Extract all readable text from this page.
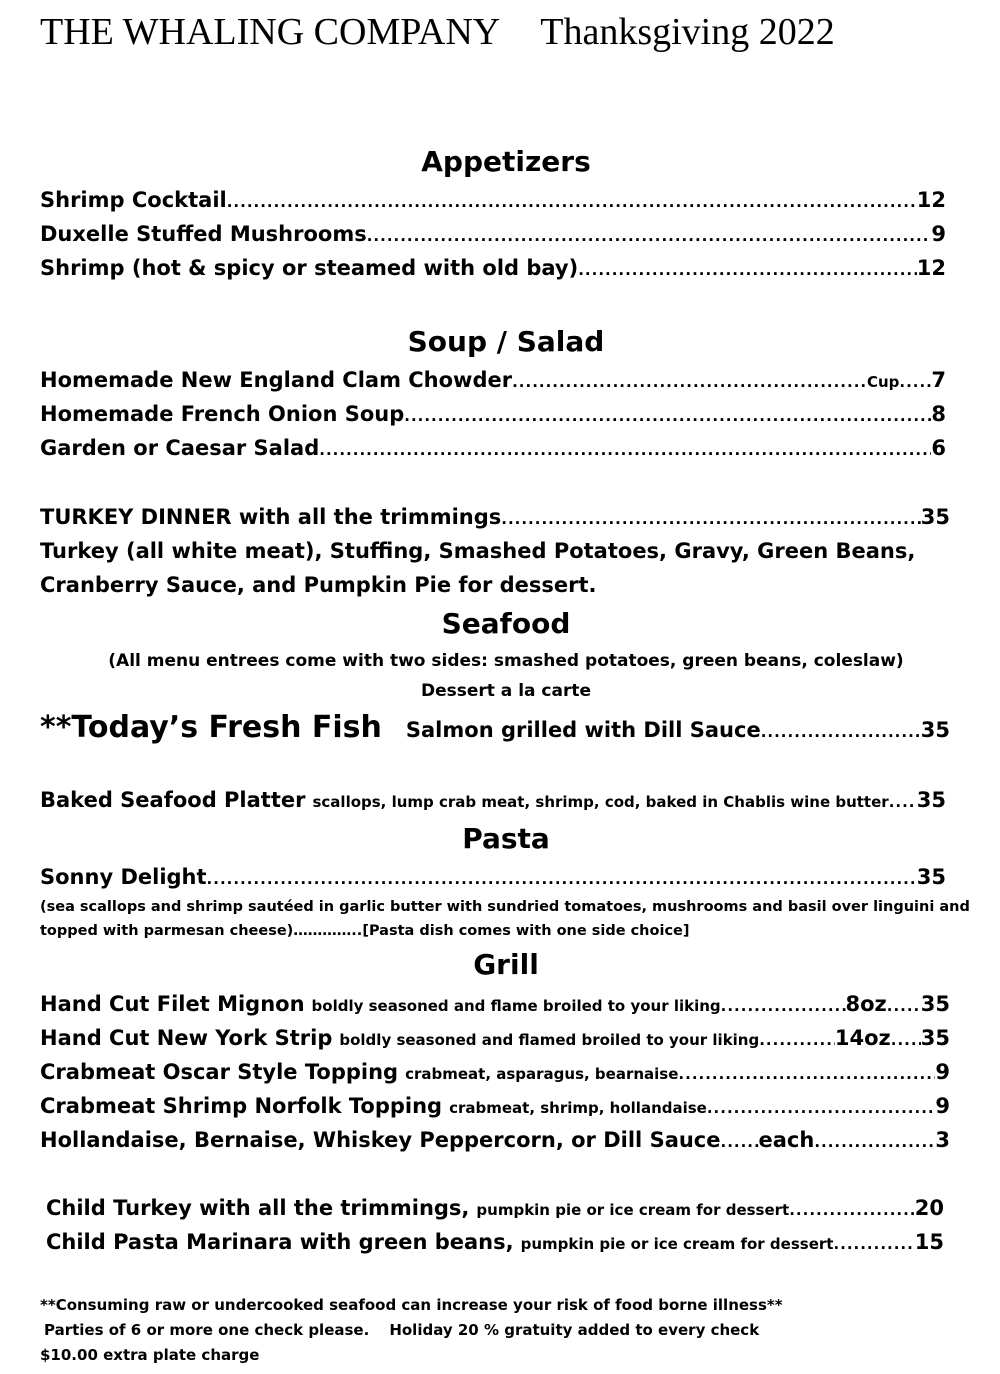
THE WHALING COMPANY Thanksgiving 2022
Appetizers
Shrimp Cocktail .....	12
Duxelle Stuffed Mushrooms .....	9
Shrimp (hot & spicy or steamed with old bay) .....	12
Soup / Salad
Homemade New England Clam Chowder .....	Cup ..... 7
Homemade French Onion Soup .....	8
Garden or Caesar Salad .....	6
TURKEY DINNER with all the trimmings .....	35
Turkey (all white meat), Stuffing, Smashed Potatoes, Gravy, Green Beans,
Cranberry Sauce, and Pumpkin Pie for dessert.
Seafood
(All menu entrees come with two sides: smashed potatoes, green beans, coleslaw)
Dessert a la carte
**Today’s Fresh Fish Salmon grilled with Dill Sauce .....	35
Baked Seafood Platter scallops, lump crab meat, shrimp, cod, baked in Chablis wine butter ..... 35
Pasta
Sonny Delight .....	35
(sea scallops and shrimp sautéed in garlic butter with sundried tomatoes, mushrooms and basil over linguini and
topped with parmesan cheese)…………..[Pasta dish comes with one side choice]
Grill
Hand Cut Filet Mignon boldly seasoned and flame broiled to your liking .....	8oz ..... 35
Hand Cut New York Strip boldly seasoned and flamed broiled to your liking .....	14oz ..... 35
Crabmeat Oscar Style Topping crabmeat, asparagus, bearnaise .....	9
Crabmeat Shrimp Norfolk Topping crabmeat, shrimp, hollandaise .....	9
Hollandaise, Bernaise, Whiskey Peppercorn, or Dill Sauce ..... each .....	3
Child Turkey with all the trimmings, pumpkin pie or ice cream for dessert .....	20
Child Pasta Marinara with green beans, pumpkin pie or ice cream for dessert .....	15
**Consuming raw or undercooked seafood can increase your risk of food borne illness**
Parties of 6 or more one check please. Holiday 20 % gratuity added to every check
$10.00 extra plate charge
